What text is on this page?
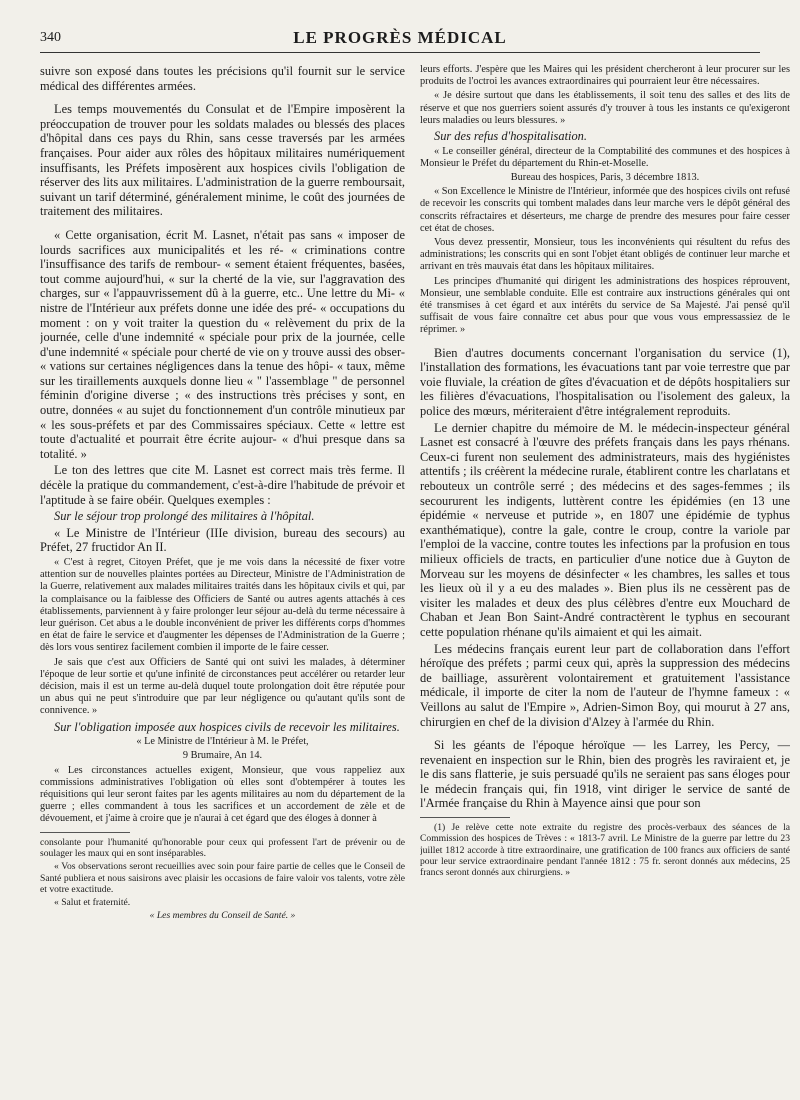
340	LE PROGRÈS MÉDICAL

suivre son exposé dans toutes les précisions qu'il fournit sur le service médical des différentes armées.

Les temps mouvementés du Consulat et de l'Empire imposèrent la préoccupation de trouver pour les soldats malades ou blessés des places d'hôpital dans ces pays du Rhin, sans cesse traversés par les armées françaises. Pour aider aux rôles des hôpitaux militaires numériquement insuffisants, les Préfets imposèrent aux hospices civils l'obligation de réserver des lits aux militaires. L'administration de la guerre remboursait, suivant un tarif déterminé, généralement minime, le coût des journées de traitement des militaires.

« Cette organisation, écrit M. Lasnet, n'était pas sans « imposer de lourds sacrifices aux municipalités et les ré- « criminations contre l'insuffisance des tarifs de rembour- « sement étaient fréquentes, basées, tout comme aujourd'hui, « sur la cherté de la vie, sur l'aggravation des charges, sur « l'appauvrissement dû à la guerre, etc.. Une lettre du Mi- « nistre de l'Intérieur aux préfets donne une idée des pré- « occupations du moment : on y voit traiter la question du « relèvement du prix de la journée, celle d'une indemnité « spéciale pour prix de la journée, celle d'une indemnité « spéciale pour cherté de vie on y trouve aussi des obser- « vations sur certaines négligences dans la tenue des hôpi- « taux, même sur les tiraillements auxquels donne lieu « " l'assemblage " de personnel féminin d'origine diverse ; « des instructions très précises y sont, en outre, données « au sujet du fonctionnement d'un contrôle minutieux par « les sous-préfets et par des Commissaires spéciaux. Cette « lettre est toute d'actualité et pourrait être écrite aujour- « d'hui presque dans sa totalité. »

Le ton des lettres que cite M. Lasnet est correct mais très ferme. Il décèle la pratique du commandement, c'est-à-dire l'habitude de prévoir et l'aptitude à se faire obéir. Quelques exemples :

Sur le séjour trop prolongé des militaires à l'hôpital.

« Le Ministre de l'Intérieur (IIIe division, bureau des secours) au Préfet, 27 fructidor An II.

« C'est à regret, Citoyen Préfet, que je me vois dans la nécessité de fixer votre attention sur de nouvelles plaintes portées au Directeur, Ministre de l'Administration de la Guerre, relativement aux malades militaires traités dans les hôpitaux civils et qui, par la complaisance ou la faiblesse des Officiers de Santé ou autres agents attachés à ces établissements, parviennent à y faire prolonger leur séjour au-delà du terme nécessaire à leur guérison. Cet abus a le double inconvénient de priver les différents corps d'hommes en état de faire le service et d'augmenter les dépenses de l'Administration de la Guerre ; dès lors vous sentirez facilement combien il importe de le faire cesser.

Je sais que c'est aux Officiers de Santé qui ont suivi les malades, à déterminer l'époque de leur sortie et qu'une infinité de circonstances peut accélérer ou retarder leur décision, mais il est un terme au-delà duquel toute prolongation doit être réputée pour un abus qui ne peut s'introduire que par leur négligence ou qu'autant qu'ils sont de connivence. »

Sur l'obligation imposée aux hospices civils de recevoir les militaires.

« Le Ministre de l'Intérieur à M. le Préfet,

9 Brumaire, An 14.

« Les circonstances actuelles exigent, Monsieur, que vous rappeliez aux commissions administratives l'obligation où elles sont d'obtempérer à toutes les réquisitions qui leur seront faites par les agents militaires au nom du département de la guerre ; elles commandent à tous les sacrifices et un accordement de zèle et de dévouement, et j'aime à croire que je n'aurai à cet égard que des éloges à donner à

consolante pour l'humanité qu'honorable pour ceux qui professent l'art de prévenir ou de soulager les maux qui en sont inséparables.

« Vos observations seront recueillies avec soin pour faire partie de celles que le Conseil de Santé publiera et nous saisirons avec plaisir les occasions de faire valoir vos talents, votre zèle et votre exactitude.

« Salut et fraternité.

« Les membres du Conseil de Santé. »

leurs efforts. J'espère que les Maires qui les président chercheront à leur procurer sur les produits de l'octroi les avances extraordinaires qui pourraient leur être nécessaires.

« Je désire surtout que dans les établissements, il soit tenu des salles et des lits de réserve et que nos guerriers soient assurés d'y trouver à tous les instants ce qu'exigeront leurs maladies ou leurs blessures. »

Sur des refus d'hospitalisation.

« Le conseiller général, directeur de la Comptabilité des communes et des hospices à Monsieur le Préfet du département du Rhin-et-Moselle.

Bureau des hospices, Paris, 3 décembre 1813.

« Son Excellence le Ministre de l'Intérieur, informée que des hospices civils ont refusé de recevoir les conscrits qui tombent malades dans leur marche vers le dépôt général des conscrits réfractaires et déserteurs, me charge de prendre des mesures pour faire cesser cet état de choses.

Vous devez pressentir, Monsieur, tous les inconvénients qui résultent du refus des administrations; les conscrits qui en sont l'objet étant obligés de continuer leur marche et arrivant en très mauvais état dans les hôpitaux militaires.

Les principes d'humanité qui dirigent les administrations des hospices réprouvent, Monsieur, une semblable conduite. Elle est contraire aux instructions générales qui ont été transmises à cet égard et aux intérêts du service de Sa Majesté. J'ai pensé qu'il suffisait de vous faire connaître cet abus pour que vous vous empressassiez de le réprimer. »

Bien d'autres documents concernant l'organisation du service (1), l'installation des formations, les évacuations tant par voie terrestre que par voie fluviale, la création de gîtes d'évacuation et de dépôts hospitaliers sur les filières d'évacuations, l'hospitalisation ou l'isolement des galeux, la police des mœurs, mériteraient d'être intégralement reproduits.

Le dernier chapitre du mémoire de M. le médecin-inspecteur général Lasnet est consacré à l'œuvre des préfets français dans les pays rhénans. Ceux-ci furent non seulement des administrateurs, mais des hygiénistes attentifs ; ils créèrent la médecine rurale, établirent contre les charlatans et rebouteux un contrôle serré ; des médecins et des sages-femmes ; ils secoururent les indigents, luttèrent contre les épidémies (en 13 une épidémie « nerveuse et putride », en 1807 une épidémie de typhus exanthématique), contre la gale, contre le croup, contre la variole par l'emploi de la vaccine, contre toutes les infections par la profusion en tous milieux officiels de tracts, en particulier d'une notice due à Guyton de Morveau sur les moyens de désinfecter « les chambres, les salles et tous les lieux où il y a eu des malades ». Bien plus ils ne cessèrent pas de visiter les malades et deux des plus célèbres d'entre eux Mouchard de Chaban et Jean Bon Saint-André contractèrent le typhus en secourant cette population rhénane qu'ils aimaient et qui les aimait.

Les médecins français eurent leur part de collaboration dans l'effort héroïque des préfets ; parmi ceux qui, après la suppression des médecins de bailliage, assurèrent volontairement et gratuitement l'assistance médicale, il importe de citer la nom de l'auteur de l'hymne fameux : « Veillons au salut de l'Empire », Adrien-Simon Boy, qui mourut à 27 ans, chirurgien en chef de la division d'Alzey à l'armée du Rhin.

Si les géants de l'époque héroïque — les Larrey, les Percy, — revenaient en inspection sur le Rhin, bien des progrès les raviraient et, je le dis sans flatterie, je suis persuadé qu'ils ne seraient pas sans éloges pour le médecin français qui, fin 1918, vint diriger le service de santé de l'Armée française du Rhin à Mayence ainsi que pour son

(1) Je relève cette note extraite du registre des procès-verbaux des séances de la Commission des hospices de Trèves : « 1813-7 avril. Le Ministre de la guerre par lettre du 23 juillet 1812 accorde à titre extraordinaire, une gratification de 100 francs aux officiers de santé pour leur service extraordinaire pendant l'année 1812 : 75 fr. seront donnés aux médecins, 25 francs seront donnés aux chirurgiens. »
